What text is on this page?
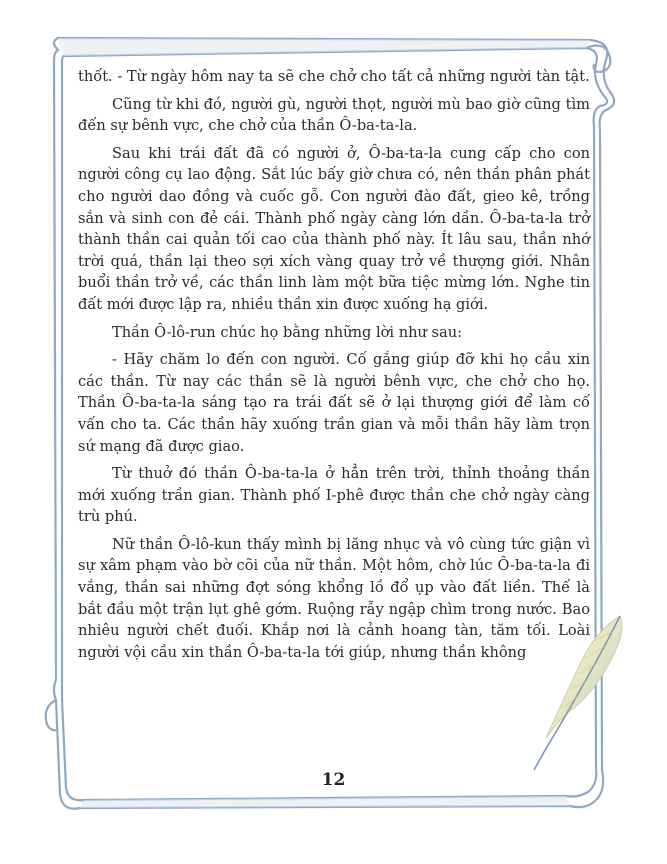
thốt. - Từ ngày hôm nay ta sẽ che chở cho tất cả những người tàn tật.

Cũng từ khi đó, người gù, người thọt, người mù bao giờ cũng tìm đến sự bênh vực, che chở của thần Ô-ba-ta-la.

Sau khi trái đất đã có người ở, Ô-ba-ta-la cung cấp cho con người công cụ lao động. Sắt lúc bấy giờ chưa có, nên thần phân phát cho người dao đồng và cuốc gỗ. Con người đào đất, gieo kê, trồng sắn và sinh con đẻ cái. Thành phố ngày càng lớn dần. Ô-ba-ta-la trở thành thần cai quản tối cao của thành phố này. Ít lâu sau, thần nhớ trời quá, thần lại theo sợi xích vàng quay trở về thượng giới. Nhân buổi thần trở về, các thần linh làm một bữa tiệc mừng lớn. Nghe tin đất mới được lập ra, nhiều thần xin được xuống hạ giới.

Thần Ô-lô-run chúc họ bằng những lời như sau:

- Hãy chăm lo đến con người. Cố gắng giúp đỡ khi họ cầu xin các thần. Từ nay các thần sẽ là người bênh vực, che chở cho họ. Thần Ô-ba-ta-la sáng tạo ra trái đất sẽ ở lại thượng giới để làm cố vấn cho ta. Các thần hãy xuống trần gian và mỗi thần hãy làm trọn sứ mạng đã được giao.

Từ thuở đó thần Ô-ba-ta-la ở hẳn trên trời, thỉnh thoảng thần mới xuống trần gian. Thành phố I-phê được thần che chở ngày càng trù phú.

Nữ thần Ô-lô-kun thấy mình bị lăng nhục và vô cùng tức giận vì sự xâm phạm vào bờ cõi của nữ thần. Một hôm, chờ lúc Ô-ba-ta-la đi vắng, thần sai những đợt sóng khổng lồ đổ ụp vào đất liền. Thế là bắt đầu một trận lụt ghê gớm. Ruộng rẫy ngập chìm trong nước. Bao nhiêu người chết đuối. Khắp nơi là cảnh hoang tàn, tăm tối. Loài người vội cầu xin thần Ô-ba-ta-la tới giúp, nhưng thần không

12
